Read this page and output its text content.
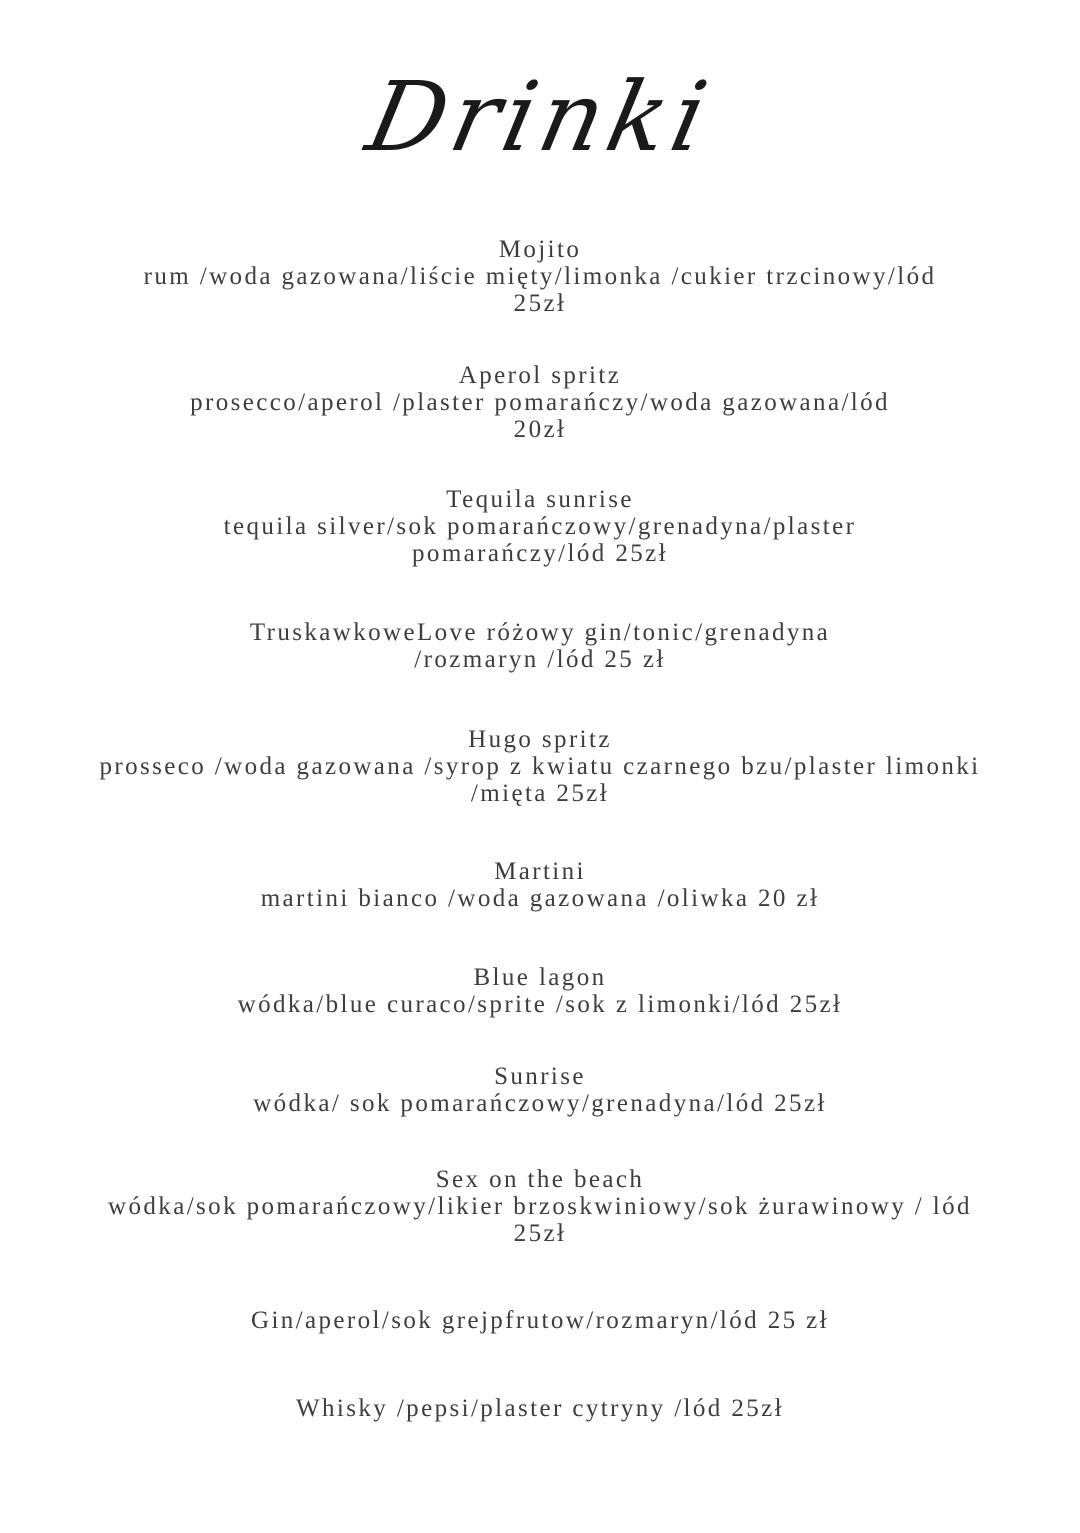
Drinki
Mojito
rum /woda gazowana/liście mięty/limonka /cukier trzcinowy/lód
25zł
Aperol spritz
prosecco/aperol /plaster pomarańczy/woda gazowana/lód
20zł
Tequila sunrise
tequila silver/sok pomarańczowy/grenadyna/plaster
pomarańczy/lód 25zł
TruskawkoweLove różowy gin/tonic/grenadyna
/rozmaryn /lód 25 zł
Hugo spritz
prosseco /woda gazowana /syrop z kwiatu czarnego bzu/plaster limonki
/mięta 25zł
Martini
martini bianco /woda gazowana /oliwka 20 zł
Blue lagon
wódka/blue curaco/sprite /sok z limonki/lód 25zł
Sunrise
wódka/ sok pomarańczowy/grenadyna/lód 25zł
Sex on the beach
wódka/sok pomarańczowy/likier brzoskwiniowy/sok żurawinowy / lód
25zł
Gin/aperol/sok grejpfrutow/rozmaryn/lód 25 zł
Whisky /pepsi/plaster cytryny /lód 25zł
